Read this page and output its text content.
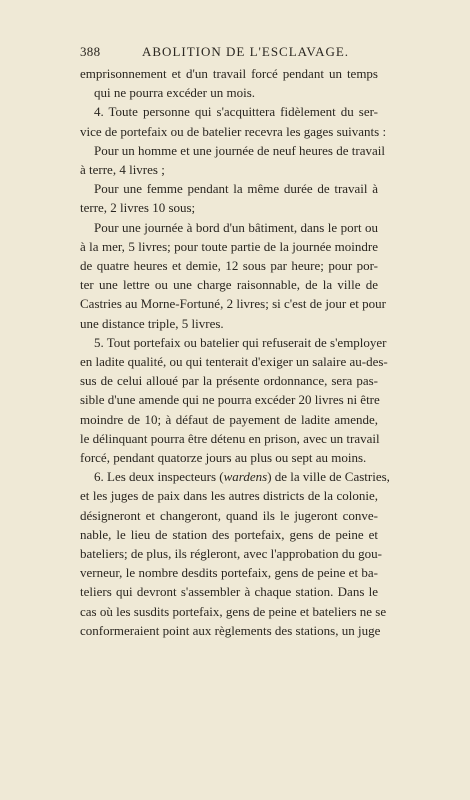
388	ABOLITION DE L'ESCLAVAGE.
emprisonnement et d'un travail forcé pendant un temps
qui ne pourra excéder un mois.
4. Toute personne qui s'acquittera fidèlement du ser-
vice de portefaix ou de batelier recevra les gages suivants :
Pour un homme et une journée de neuf heures de travail
à terre, 4 livres ;
Pour une femme pendant la même durée de travail à
terre, 2 livres 10 sous;
Pour une journée à bord d'un bâtiment, dans le port ou
à la mer, 5 livres; pour toute partie de la journée moindre
de quatre heures et demie, 12 sous par heure; pour por-
ter une lettre ou une charge raisonnable, de la ville de
Castries au Morne-Fortuné, 2 livres; si c'est de jour et pour
une distance triple, 5 livres.
5. Tout portefaix ou batelier qui refuserait de s'employer
en ladite qualité, ou qui tenterait d'exiger un salaire au-des-
sus de celui alloué par la présente ordonnance, sera pas-
sible d'une amende qui ne pourra excéder 20 livres ni être
moindre de 10; à défaut de payement de ladite amende,
le délinquant pourra être détenu en prison, avec un travail
forcé, pendant quatorze jours au plus ou sept au moins.
6. Les deux inspecteurs (wardens) de la ville de Castries,
et les juges de paix dans les autres districts de la colonie,
désigneront et changeront, quand ils le jugeront conve-
nable, le lieu de station des portefaix, gens de peine et
bateliers; de plus, ils régleront, avec l'approbation du gou-
verneur, le nombre desdits portefaix, gens de peine et ba-
teliers qui devront s'assembler à chaque station. Dans le
cas où les susdits portefaix, gens de peine et bateliers ne se
conformeraient point aux règlements des stations, un juge
